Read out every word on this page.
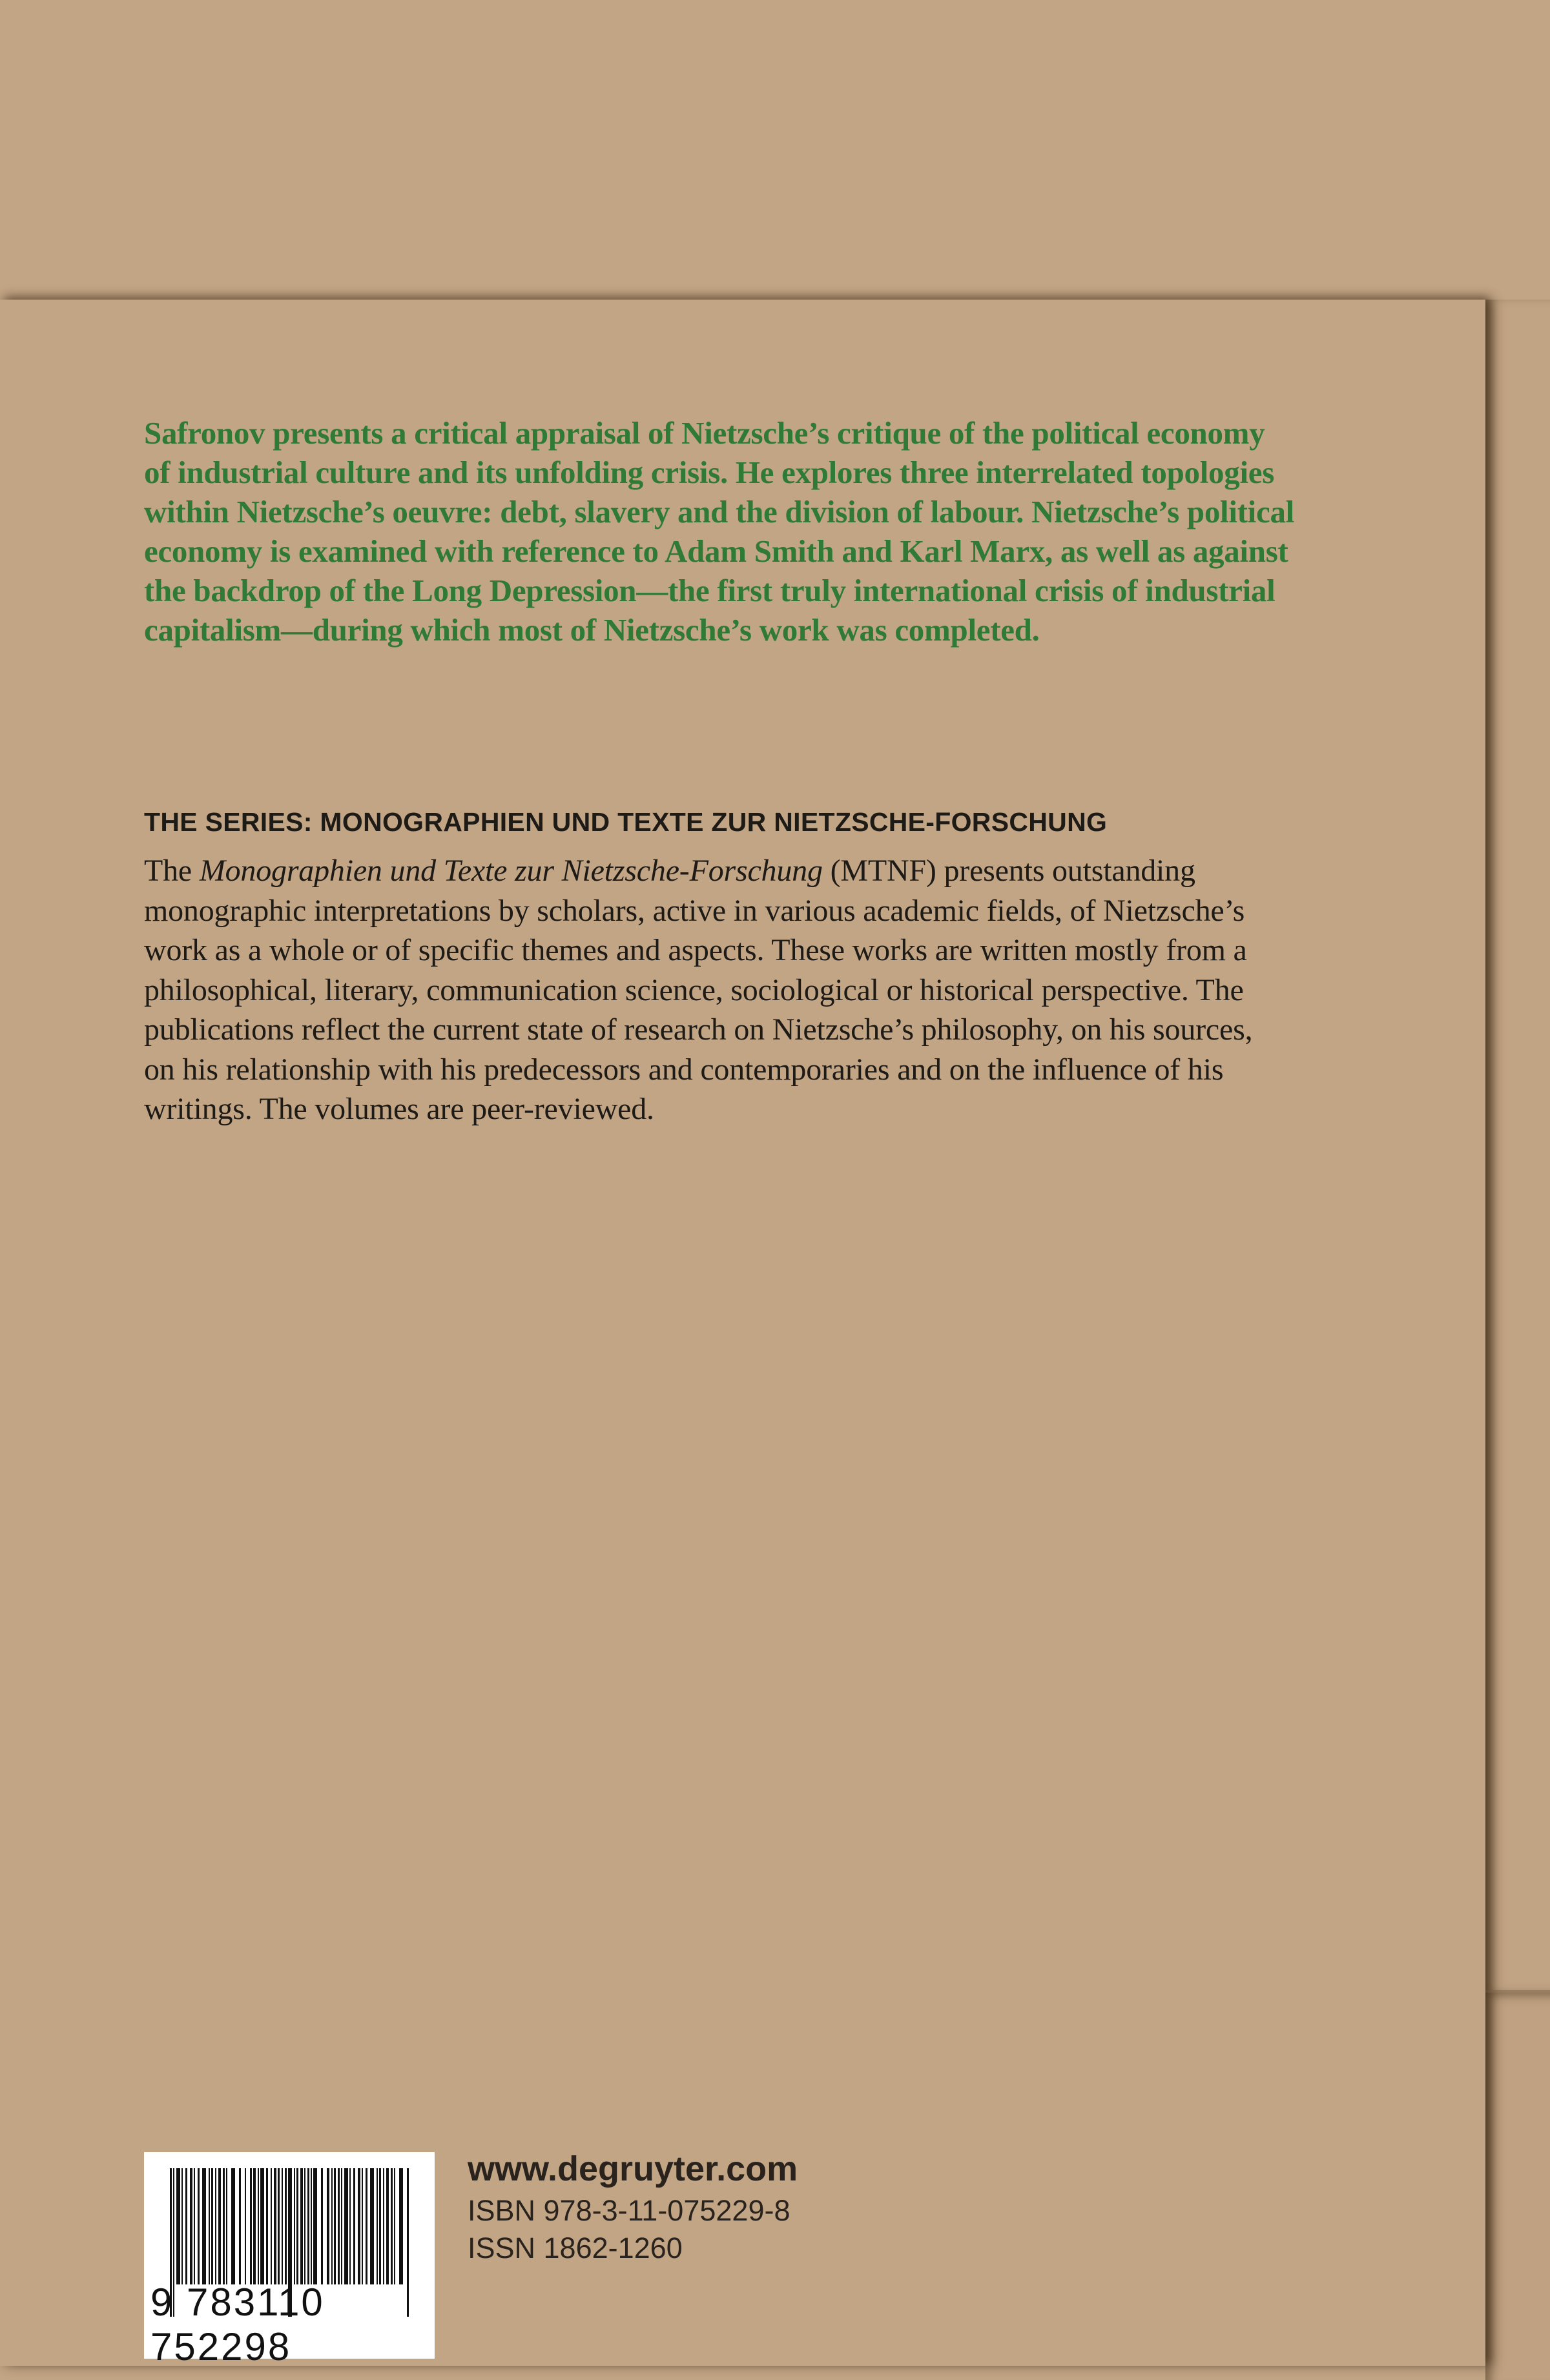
Safronov presents a critical appraisal of Nietzsche’s critique of the political economy
of industrial culture and its unfolding crisis. He explores three interrelated topologies
within Nietzsche’s oeuvre: debt, slavery and the division of labour. Nietzsche’s political
economy is examined with reference to Adam Smith and Karl Marx, as well as against
the backdrop of the Long Depression—the first truly international crisis of industrial
capitalism—during which most of Nietzsche’s work was completed.
THE SERIES: MONOGRAPHIEN UND TEXTE ZUR NIETZSCHE-FORSCHUNG
The Monographien und Texte zur Nietzsche-Forschung (MTNF) presents outstanding
monographic interpretations by scholars, active in various academic fields, of Nietzsche’s
work as a whole or of specific themes and aspects. These works are written mostly from a
philosophical, literary, communication science, sociological or historical perspective. The
publications reflect the current state of research on Nietzsche’s philosophy, on his sources,
on his relationship with his predecessors and contemporaries and on the influence of his
writings. The volumes are peer-reviewed.
9 783110 752298
www.degruyter.com
ISBN 978-3-11-075229-8
ISSN 1862-1260
